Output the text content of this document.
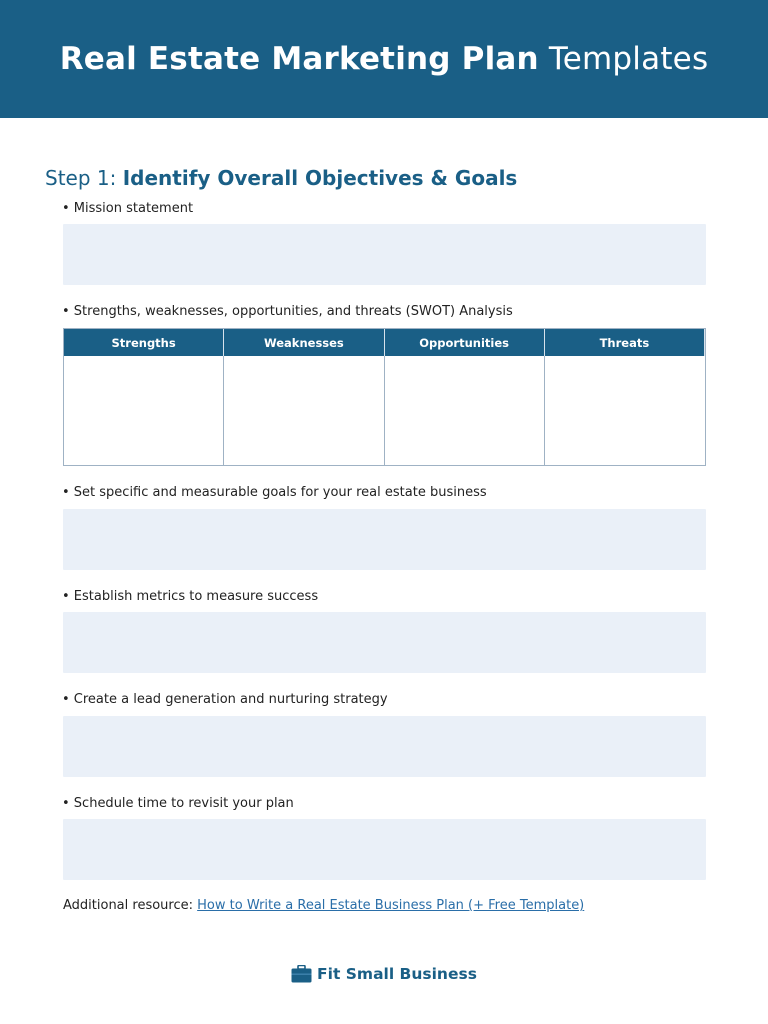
Real Estate Marketing Plan Templates
Step 1: Identify Overall Objectives & Goals
• Mission statement
• Strengths, weaknesses, opportunities, and threats (SWOT) Analysis
Strengths	Weaknesses	Opportunities	Threats
• Set specific and measurable goals for your real estate business
• Establish metrics to measure success
• Create a lead generation and nurturing strategy
• Schedule time to revisit your plan
Additional resource: How to Write a Real Estate Business Plan (+ Free Template)
Fit Small Business
